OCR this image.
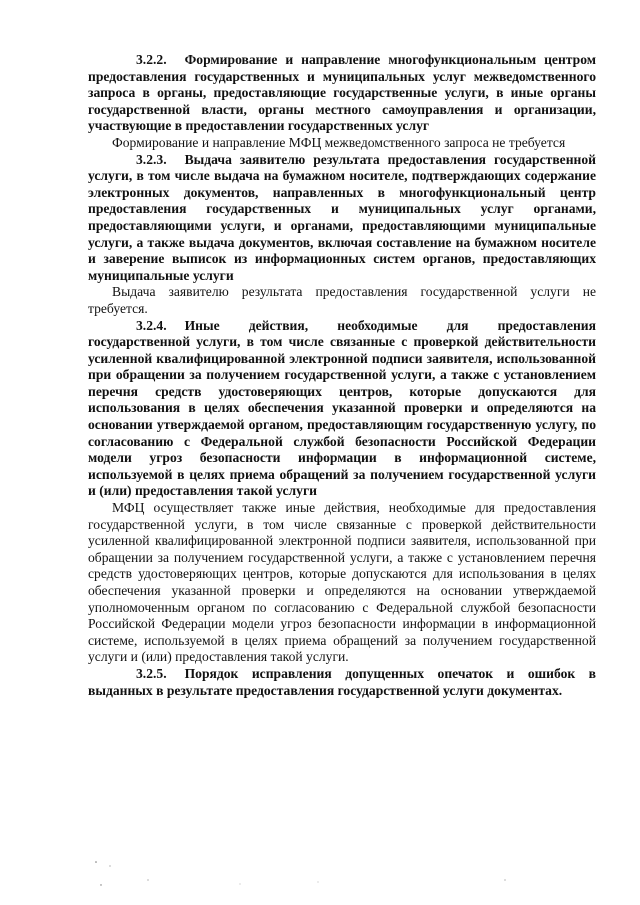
3.2.2. Формирование и направление многофункциональным центром предоставления государственных и муниципальных услуг межведомственного запроса в органы, предоставляющие государственные услуги, в иные органы государственной власти, органы местного самоуправления и организации, участвующие в предоставлении государственных услуг

Формирование и направление МФЦ межведомственного запроса не требуется

3.2.3. Выдача заявителю результата предоставления государственной услуги, в том числе выдача на бумажном носителе, подтверждающих содержание электронных документов, направленных в многофункциональный центр предоставления государственных и муниципальных услуг органами, предоставляющими услуги, и органами, предоставляющими муниципальные услуги, а также выдача документов, включая составление на бумажном носителе и заверение выписок из информационных систем органов, предоставляющих муниципальные услуги

Выдача заявителю результата предоставления государственной услуги не требуется.

3.2.4. Иные действия, необходимые для предоставления государственной услуги, в том числе связанные с проверкой действительности усиленной квалифицированной электронной подписи заявителя, использованной при обращении за получением государственной услуги, а также с установлением перечня средств удостоверяющих центров, которые допускаются для использования в целях обеспечения указанной проверки и определяются на основании утверждаемой органом, предоставляющим государственную услугу, по согласованию с Федеральной службой безопасности Российской Федерации модели угроз безопасности информации в информационной системе, используемой в целях приема обращений за получением государственной услуги и (или) предоставления такой услуги

МФЦ осуществляет также иные действия, необходимые для предоставления государственной услуги, в том числе связанные с проверкой действительности усиленной квалифицированной электронной подписи заявителя, использованной при обращении за получением государственной услуги, а также с установлением перечня средств удостоверяющих центров, которые допускаются для использования в целях обеспечения указанной проверки и определяются на основании утверждаемой уполномоченным органом по согласованию с Федеральной службой безопасности Российской Федерации модели угроз безопасности информации в информационной системе, используемой в целях приема обращений за получением государственной услуги и (или) предоставления такой услуги.

3.2.5. Порядок исправления допущенных опечаток и ошибок в выданных в результате предоставления государственной услуги документах.
